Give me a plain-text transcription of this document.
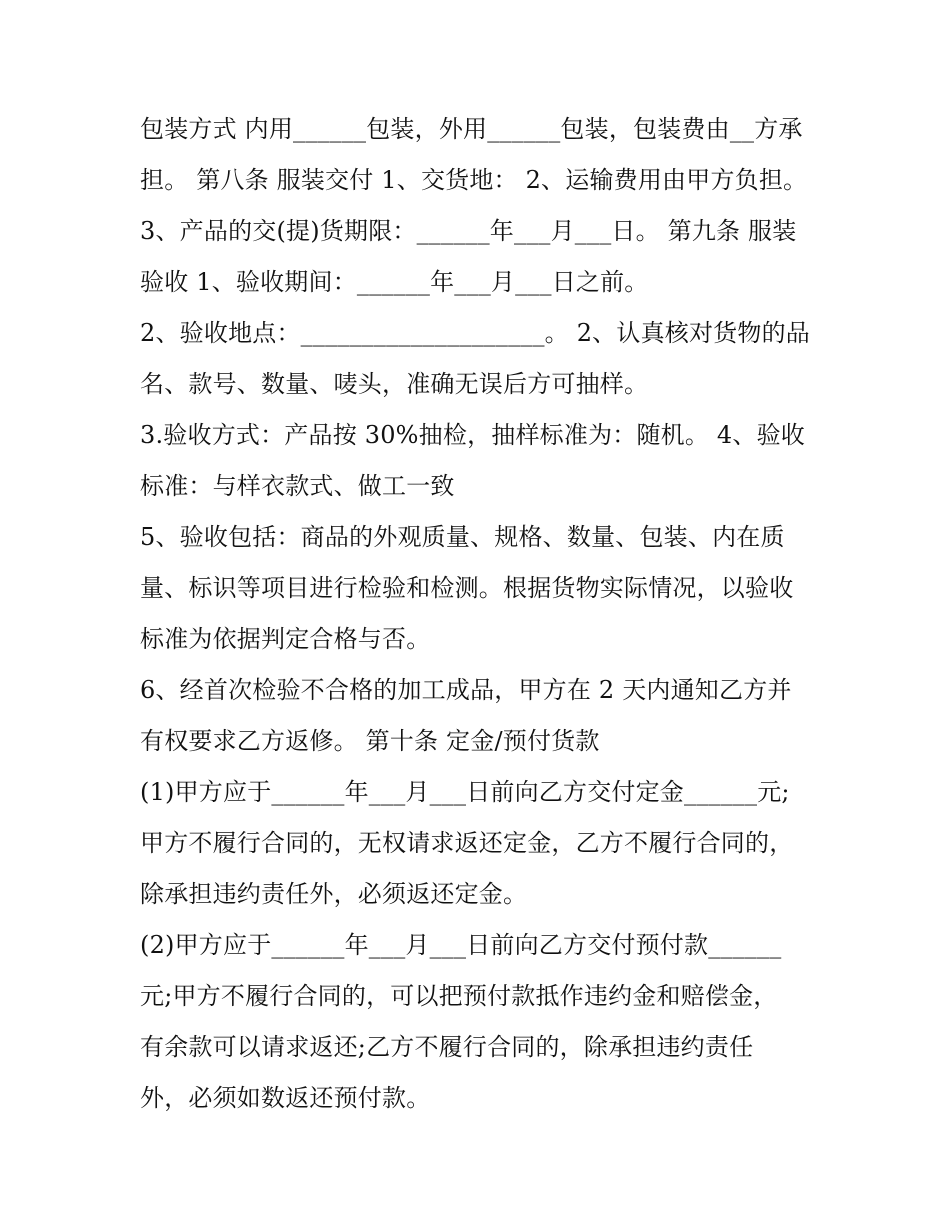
包装方式 内用______包装，外用______包装，包装费由__方承
担。 第八条 服装交付 1、交货地： 2、运输费用由甲方负担。
3、产品的交(提)货期限：______年___月___日。 第九条 服装
验收 1、验收期间：______年___月___日之前。
2、验收地点：____________________。 2、认真核对货物的品
名、款号、数量、唛头，准确无误后方可抽样。
3.验收方式：产品按 30%抽检，抽样标准为：随机。 4、验收
标准：与样衣款式、做工一致
5、验收包括：商品的外观质量、规格、数量、包装、内在质
量、标识等项目进行检验和检测。根据货物实际情况，以验收
标准为依据判定合格与否。
6、经首次检验不合格的加工成品，甲方在 2 天内通知乙方并
有权要求乙方返修。 第十条 定金/预付货款
(1)甲方应于______年___月___日前向乙方交付定金______元;
甲方不履行合同的，无权请求返还定金，乙方不履行合同的，
除承担违约责任外，必须返还定金。
(2)甲方应于______年___月___日前向乙方交付预付款______
元;甲方不履行合同的，可以把预付款抵作违约金和赔偿金，
有余款可以请求返还;乙方不履行合同的，除承担违约责任
外，必须如数返还预付款。
